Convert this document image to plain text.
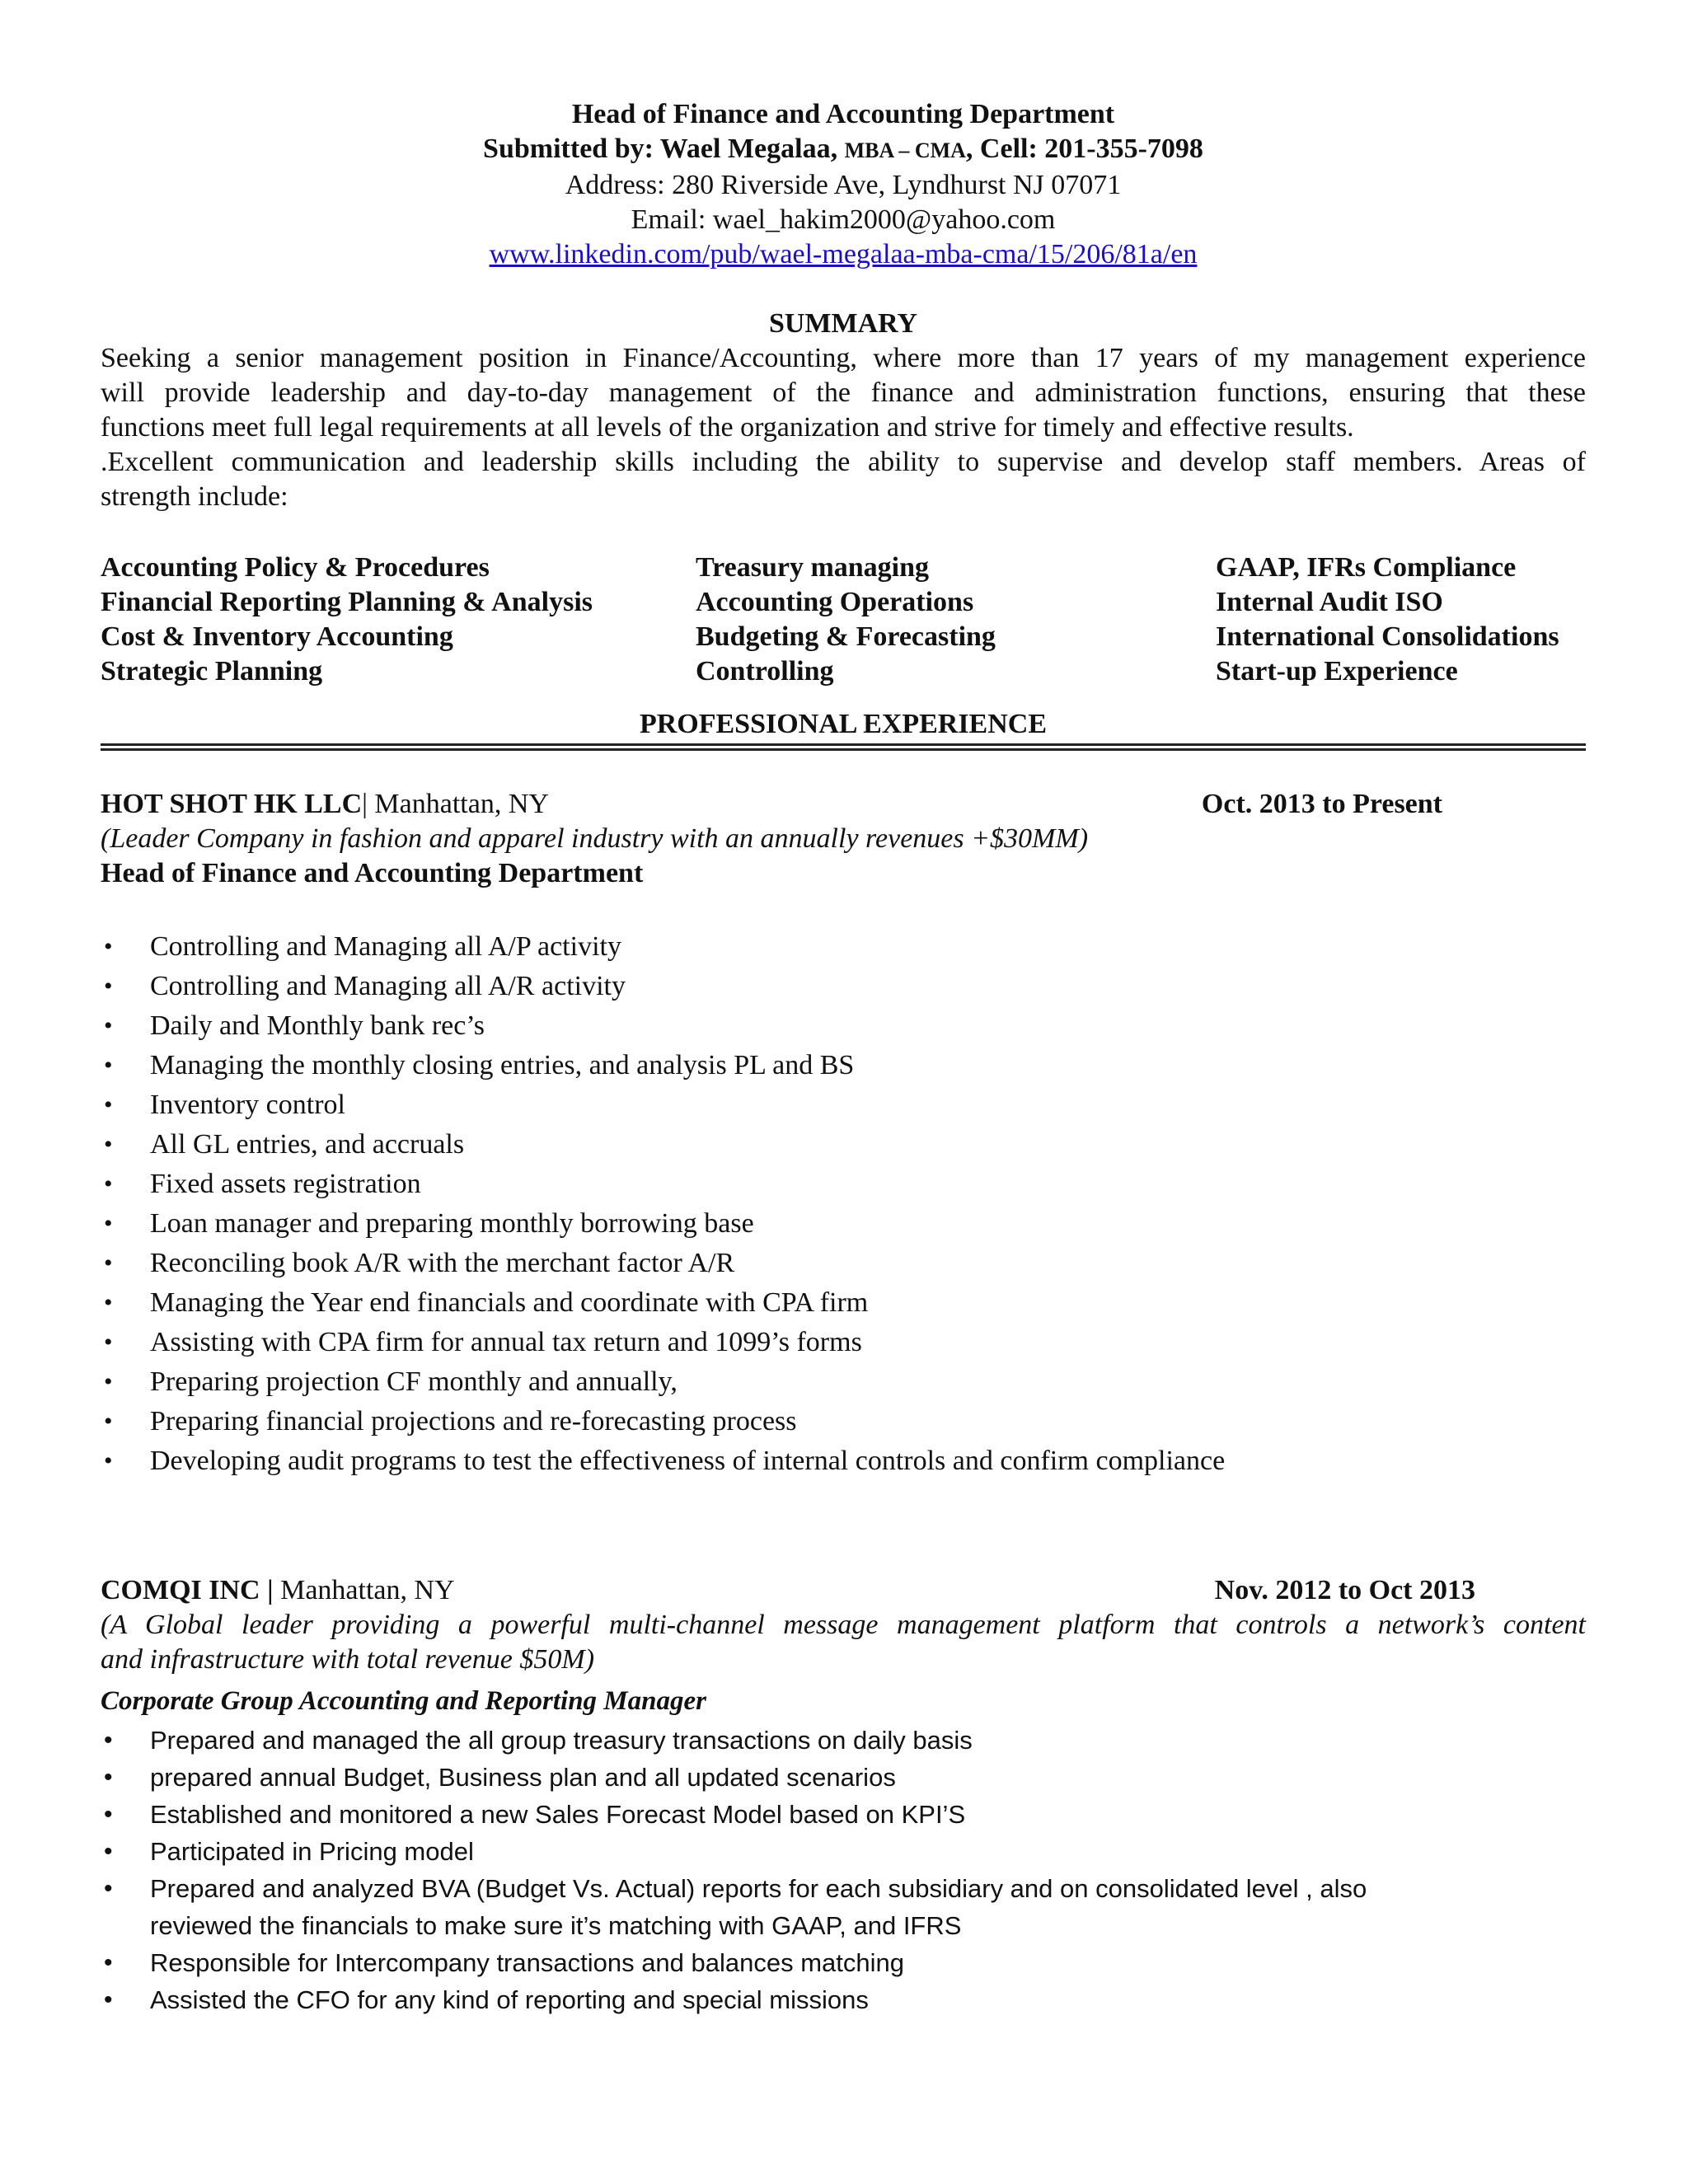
Head of Finance and Accounting Department
Submitted by: Wael Megalaa, MBA – CMA, Cell: 201-355-7098
Address: 280 Riverside Ave, Lyndhurst NJ 07071
Email: wael_hakim2000@yahoo.com
www.linkedin.com/pub/wael-megalaa-mba-cma/15/206/81a/en
SUMMARY

Seeking a senior management position in Finance/Accounting, where more than 17 years of my management experience

will provide leadership and day-to-day management of the finance and administration functions, ensuring that these

functions meet full legal requirements at all levels of the organization and strive for timely and effective results.

.Excellent communication and leadership skills including the ability to supervise and develop staff members. Areas of

strength include:

Accounting Policy & Procedures	Treasury managing	GAAP, IFRs Compliance
Financial Reporting Planning & Analysis	Accounting Operations	Internal Audit ISO
Cost & Inventory Accounting	Budgeting & Forecasting	International Consolidations
Strategic Planning	Controlling	Start-up Experience
PROFESSIONAL EXPERIENCE
HOT SHOT HK LLC| Manhattan, NY	Oct. 2013 to Present
(Leader Company in fashion and apparel industry with an annually revenues +$30MM)
Head of Finance and Accounting Department
• Controlling and Managing all A/P activity
• Controlling and Managing all A/R activity
• Daily and Monthly bank rec’s
• Managing the monthly closing entries, and analysis PL and BS
• Inventory control
• All GL entries, and accruals
• Fixed assets registration
• Loan manager and preparing monthly borrowing base
• Reconciling book A/R with the merchant factor A/R
• Managing the Year end financials and coordinate with CPA firm
• Assisting with CPA firm for annual tax return and 1099’s forms
• Preparing projection CF monthly and annually,
• Preparing financial projections and re-forecasting process
• Developing audit programs to test the effectiveness of internal controls and confirm compliance
COMQI INC | Manhattan, NY	Nov. 2012 to Oct 2013
(A Global leader providing a powerful multi-channel message management platform that controls a network’s content
and infrastructure with total revenue $50M)
Corporate Group Accounting and Reporting Manager
• Prepared and managed the all group treasury transactions on daily basis
• prepared annual Budget, Business plan and all updated scenarios
• Established and monitored a new Sales Forecast Model based on KPI’S
• Participated in Pricing model
• Prepared and analyzed BVA (Budget Vs. Actual) reports for each subsidiary and on consolidated level , also reviewed the financials to make sure it’s matching with GAAP, and IFRS
• Responsible for Intercompany transactions and balances matching
• Assisted the CFO for any kind of reporting and special missions
